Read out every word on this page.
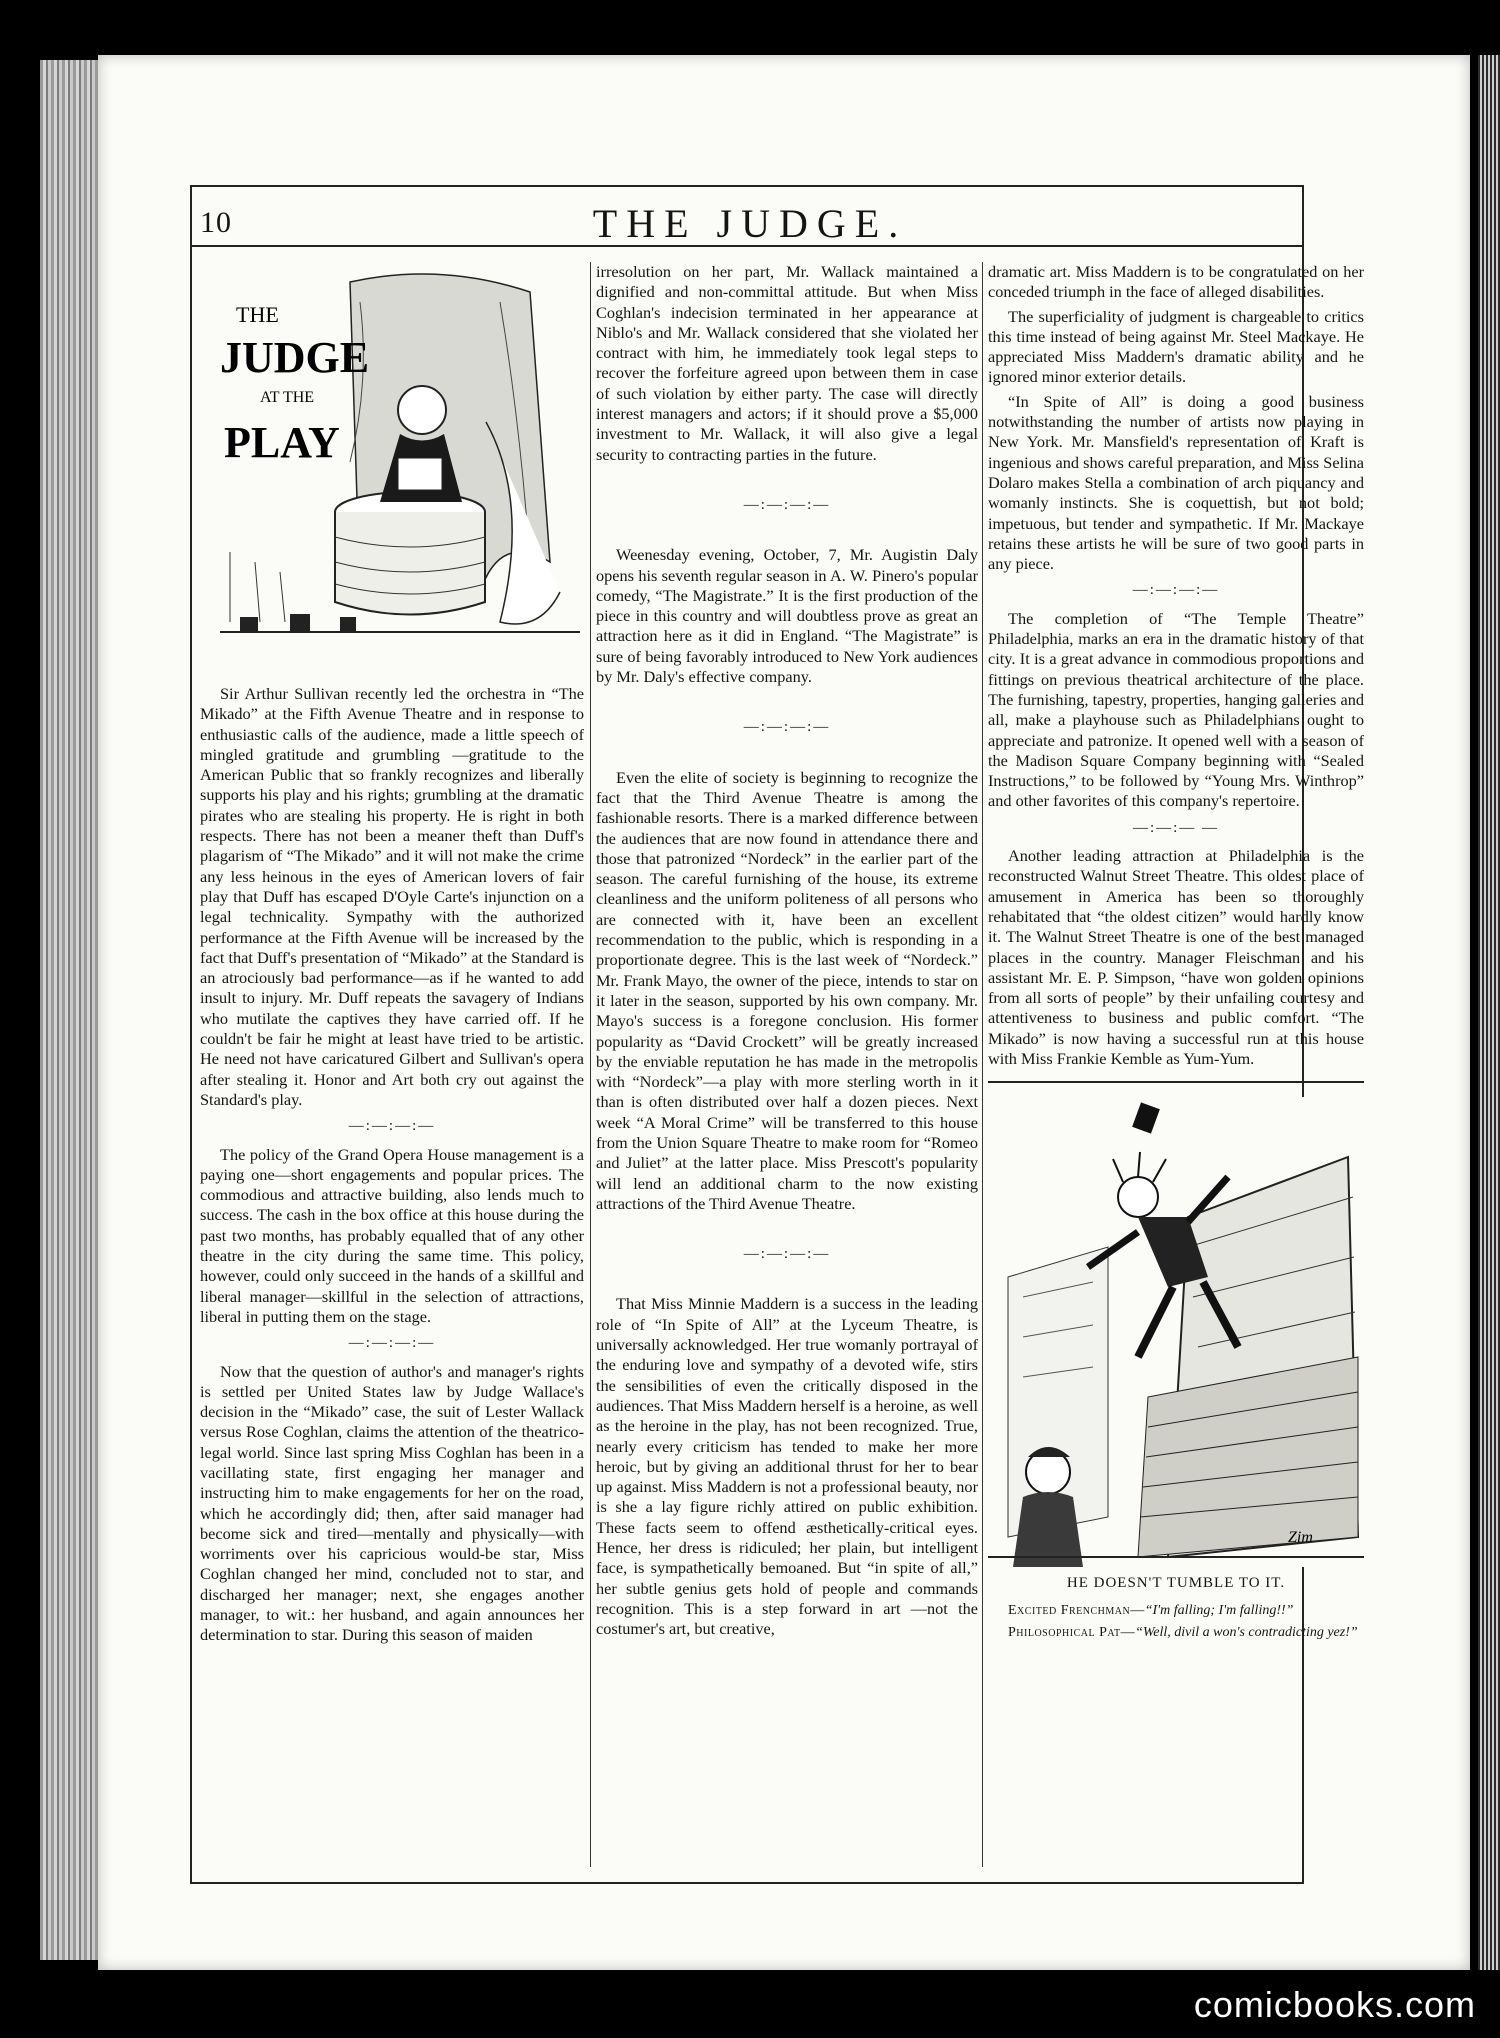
10	THE JUDGE.
THE
JUDGE
AT THE
PLAY

Sir Arthur Sullivan recently led the orchestra in “The Mikado” at the Fifth Avenue Theatre and in response to enthusiastic calls of the audience, made a little speech of mingled gratitude and grumbling —gratitude to the American Public that so frankly recognizes and liberally supports his play and his rights; grumbling at the dramatic pirates who are stealing his property. He is right in both respects. There has not been a meaner theft than Duff's plagarism of “The Mikado” and it will not make the crime any less heinous in the eyes of American lovers of fair play that Duff has escaped D'Oyle Carte's injunction on a legal technicality. Sympathy with the authorized performance at the Fifth Avenue will be increased by the fact that Duff's presentation of “Mikado” at the Standard is an atrociously bad performance—as if he wanted to add insult to injury. Mr. Duff repeats the savagery of Indians who mutilate the captives they have carried off. If he couldn't be fair he might at least have tried to be artistic. He need not have caricatured Gilbert and Sullivan's opera after stealing it. Honor and Art both cry out against the Standard's play.

—:—:—:—

The policy of the Grand Opera House management is a paying one—short engagements and popular prices. The commodious and attractive building, also lends much to success. The cash in the box office at this house during the past two months, has probably equalled that of any other theatre in the city during the same time. This policy, however, could only succeed in the hands of a skillful and liberal manager—skillful in the selection of attractions, liberal in putting them on the stage.

—:—:—:—

Now that the question of author's and manager's rights is settled per United States law by Judge Wallace's decision in the “Mikado” case, the suit of Lester Wallack versus Rose Coghlan, claims the attention of the theatrico-legal world. Since last spring Miss Coghlan has been in a vacillating state, first engaging her manager and instructing him to make engagements for her on the road, which he accordingly did; then, after said manager had become sick and tired—mentally and physically—with worriments over his capricious would-be star, Miss Coghlan changed her mind, concluded not to star, and discharged her manager; next, she engages another manager, to wit.: her husband, and again announces her determination to star. During this season of maiden

irresolution on her part, Mr. Wallack maintained a dignified and non-committal attitude. But when Miss Coghlan's indecision terminated in her appearance at Niblo's and Mr. Wallack considered that she violated her contract with him, he immediately took legal steps to recover the forfeiture agreed upon between them in case of such violation by either party. The case will directly interest managers and actors; if it should prove a $5,000 investment to Mr. Wallack, it will also give a legal security to contracting parties in the future.

—:—:—:—

Weenesday evening, October, 7, Mr. Augistin Daly opens his seventh regular season in A. W. Pinero's popular comedy, “The Magistrate.” It is the first production of the piece in this country and will doubtless prove as great an attraction here as it did in England. “The Magistrate” is sure of being favorably introduced to New York audiences by Mr. Daly's effective company.

—:—:—:—

Even the elite of society is beginning to recognize the fact that the Third Avenue Theatre is among the fashionable resorts. There is a marked difference between the audiences that are now found in attendance there and those that patronized “Nordeck” in the earlier part of the season. The careful furnishing of the house, its extreme cleanliness and the uniform politeness of all persons who are connected with it, have been an excellent recommendation to the public, which is responding in a proportionate degree. This is the last week of “Nordeck.” Mr. Frank Mayo, the owner of the piece, intends to star on it later in the season, supported by his own company. Mr. Mayo's success is a foregone conclusion. His former popularity as “David Crockett” will be greatly increased by the enviable reputation he has made in the metropolis with “Nordeck”—a play with more sterling worth in it than is often distributed over half a dozen pieces. Next week “A Moral Crime” will be transferred to this house from the Union Square Theatre to make room for “Romeo and Juliet” at the latter place. Miss Prescott's popularity will lend an additional charm to the now existing attractions of the Third Avenue Theatre.

—:—:—:—

That Miss Minnie Maddern is a success in the leading role of “In Spite of All” at the Lyceum Theatre, is universally acknowledged. Her true womanly portrayal of the enduring love and sympathy of a devoted wife, stirs the sensibilities of even the critically disposed in the audiences. That Miss Maddern herself is a heroine, as well as the heroine in the play, has not been recognized. True, nearly every criticism has tended to make her more heroic, but by giving an additional thrust for her to bear up against. Miss Maddern is not a professional beauty, nor is she a lay figure richly attired on public exhibition. These facts seem to offend æsthetically-critical eyes. Hence, her dress is ridiculed; her plain, but intelligent face, is sympathetically bemoaned. But “in spite of all,” her subtle genius gets hold of people and commands recognition. This is a step forward in art —not the costumer's art, but creative,

dramatic art. Miss Maddern is to be congratulated on her conceded triumph in the face of alleged disabilities.

The superficiality of judgment is chargeable to critics this time instead of being against Mr. Steel Mackaye. He appreciated Miss Maddern's dramatic ability and he ignored minor exterior details.

“In Spite of All” is doing a good business notwithstanding the number of artists now playing in New York. Mr. Mansfield's representation of Kraft is ingenious and shows careful preparation, and Miss Selina Dolaro makes Stella a combination of arch piquancy and womanly instincts. She is coquettish, but not bold; impetuous, but tender and sympathetic. If Mr. Mackaye retains these artists he will be sure of two good parts in any piece.

—:—:—:—

The completion of “The Temple Theatre” Philadelphia, marks an era in the dramatic history of that city. It is a great advance in commodious proportions and fittings on previous theatrical architecture of the place. The furnishing, tapestry, properties, hanging galleries and all, make a playhouse such as Philadelphians ought to appreciate and patronize. It opened well with a season of the Madison Square Company beginning with “Sealed Instructions,” to be followed by “Young Mrs. Winthrop” and other favorites of this company's repertoire.

—:—:— —

Another leading attraction at Philadelphia is the reconstructed Walnut Street Theatre. This oldest place of amusement in America has been so thoroughly rehabitated that “the oldest citizen” would hardly know it. The Walnut Street Theatre is one of the best managed places in the country. Manager Fleischman and his assistant Mr. E. P. Simpson, “have won golden opinions from all sorts of people” by their unfailing courtesy and attentiveness to business and public comfort. “The Mikado” is now having a successful run at this house with Miss Frankie Kemble as Yum-Yum.

Zim
HE DOESN'T TUMBLE TO IT.

Excited Frenchman—“I'm falling; I'm falling!!”

Philosophical Pat—“Well, divil a won's contradicting yez!”

comicbooks.com
